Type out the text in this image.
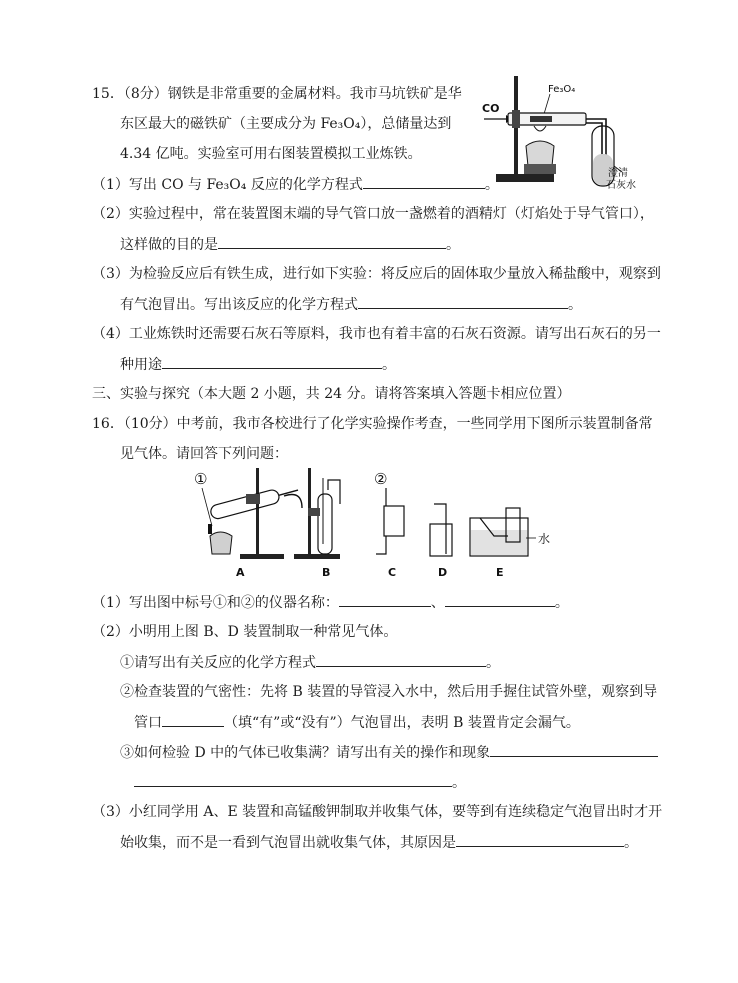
15．（8分）钢铁是非常重要的金属材料。我市马坑铁矿是华
东区最大的磁铁矿（主要成分为 Fe₃O₄），总储量达到
4.34 亿吨。实验室可用右图装置模拟工业炼铁。
Fe₃O₄
CO
澄清
石灰水
（1）写出 CO 与 Fe₃O₄ 反应的化学方程式	。
（2）实验过程中，常在装置图末端的导气管口放一盏燃着的酒精灯（灯焰处于导气管口），
这样做的目的是	。
（3）为检验反应后有铁生成，进行如下实验：将反应后的固体取少量放入稀盐酸中，观察到
有气泡冒出。写出该反应的化学方程式	。
（4）工业炼铁时还需要石灰石等原料，我市也有着丰富的石灰石资源。请写出石灰石的另一
种用途	。
三、实验与探究（本大题 2 小题，共 24 分。请将答案填入答题卡相应位置）
16．（10分）中考前，我市各校进行了化学实验操作考查，一些同学用下图所示装置制备常
见气体。请回答下列问题：
①
A	B
②
C	D
水
E
（1）写出图中标号①和②的仪器名称：	、	。
（2）小明用上图 B、D 装置制取一种常见气体。
①请写出有关反应的化学方程式	。
②检查装置的气密性：先将 B 装置的导管浸入水中，然后用手握住试管外壁，观察到导
管口	（填“有”或“没有”）气泡冒出，表明 B 装置肯定会漏气。
③如何检验 D 中的气体已收集满？请写出有关的操作和现象
。
（3）小红同学用 A、E 装置和高锰酸钾制取并收集气体，要等到有连续稳定气泡冒出时才开
始收集，而不是一看到气泡冒出就收集气体，其原因是	。
